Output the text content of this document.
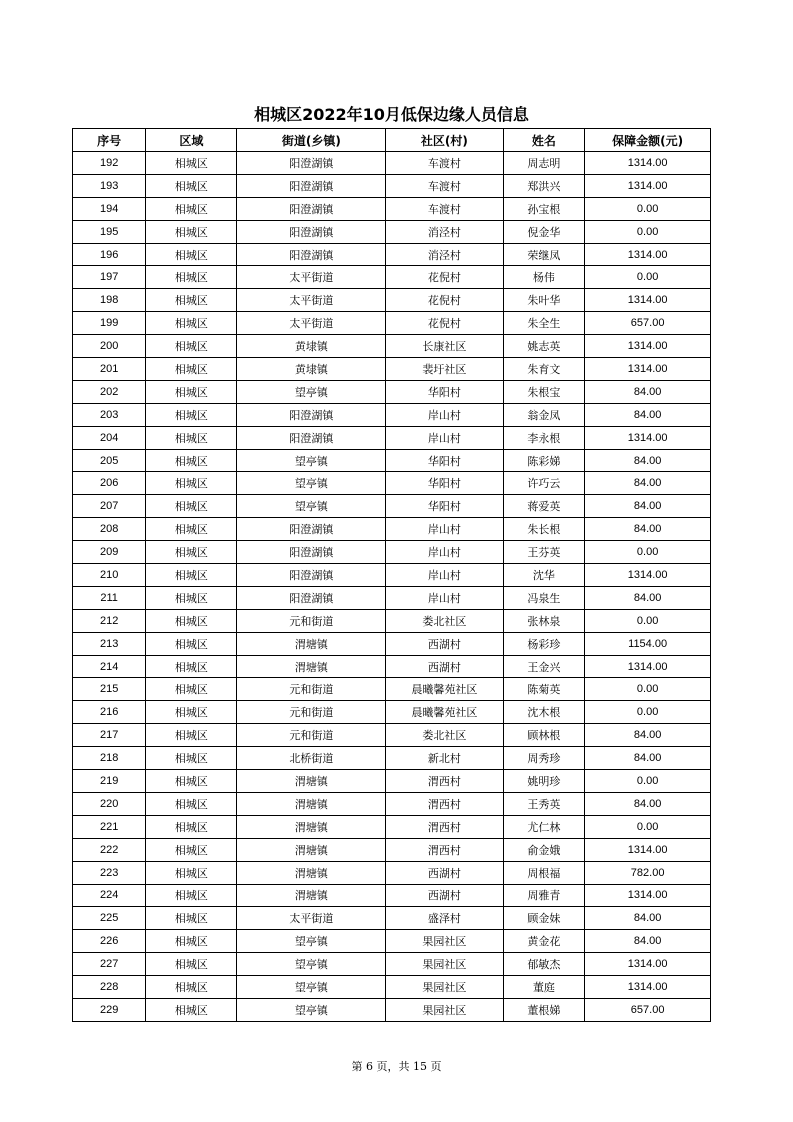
相城区2022年10月低保边缘人员信息
序号	区域	街道(乡镇)	社区(村)	姓名	保障金额(元)
192	相城区	阳澄湖镇	车渡村	周志明	1314.00
193	相城区	阳澄湖镇	车渡村	郑洪兴	1314.00
194	相城区	阳澄湖镇	车渡村	孙宝根	0.00
195	相城区	阳澄湖镇	消泾村	倪金华	0.00
196	相城区	阳澄湖镇	消泾村	荣继凤	1314.00
197	相城区	太平街道	花倪村	杨伟	0.00
198	相城区	太平街道	花倪村	朱叶华	1314.00
199	相城区	太平街道	花倪村	朱全生	657.00
200	相城区	黄埭镇	长康社区	姚志英	1314.00
201	相城区	黄埭镇	裴圩社区	朱育文	1314.00
202	相城区	望亭镇	华阳村	朱根宝	84.00
203	相城区	阳澄湖镇	岸山村	翁金凤	84.00
204	相城区	阳澄湖镇	岸山村	李永根	1314.00
205	相城区	望亭镇	华阳村	陈彩娣	84.00
206	相城区	望亭镇	华阳村	许巧云	84.00
207	相城区	望亭镇	华阳村	蒋爱英	84.00
208	相城区	阳澄湖镇	岸山村	朱长根	84.00
209	相城区	阳澄湖镇	岸山村	王芬英	0.00
210	相城区	阳澄湖镇	岸山村	沈华	1314.00
211	相城区	阳澄湖镇	岸山村	冯泉生	84.00
212	相城区	元和街道	娄北社区	张林泉	0.00
213	相城区	渭塘镇	西湖村	杨彩珍	1154.00
214	相城区	渭塘镇	西湖村	王金兴	1314.00
215	相城区	元和街道	晨曦馨苑社区	陈菊英	0.00
216	相城区	元和街道	晨曦馨苑社区	沈木根	0.00
217	相城区	元和街道	娄北社区	顾林根	84.00
218	相城区	北桥街道	新北村	周秀珍	84.00
219	相城区	渭塘镇	渭西村	姚明珍	0.00
220	相城区	渭塘镇	渭西村	王秀英	84.00
221	相城区	渭塘镇	渭西村	尤仁林	0.00
222	相城区	渭塘镇	渭西村	俞金娥	1314.00
223	相城区	渭塘镇	西湖村	周根福	782.00
224	相城区	渭塘镇	西湖村	周雅青	1314.00
225	相城区	太平街道	盛泽村	顾金妹	84.00
226	相城区	望亭镇	果园社区	黄金花	84.00
227	相城区	望亭镇	果园社区	郁敏杰	1314.00
228	相城区	望亭镇	果园社区	董庭	1314.00
229	相城区	望亭镇	果园社区	董根娣	657.00
第 6 页，共 15 页
